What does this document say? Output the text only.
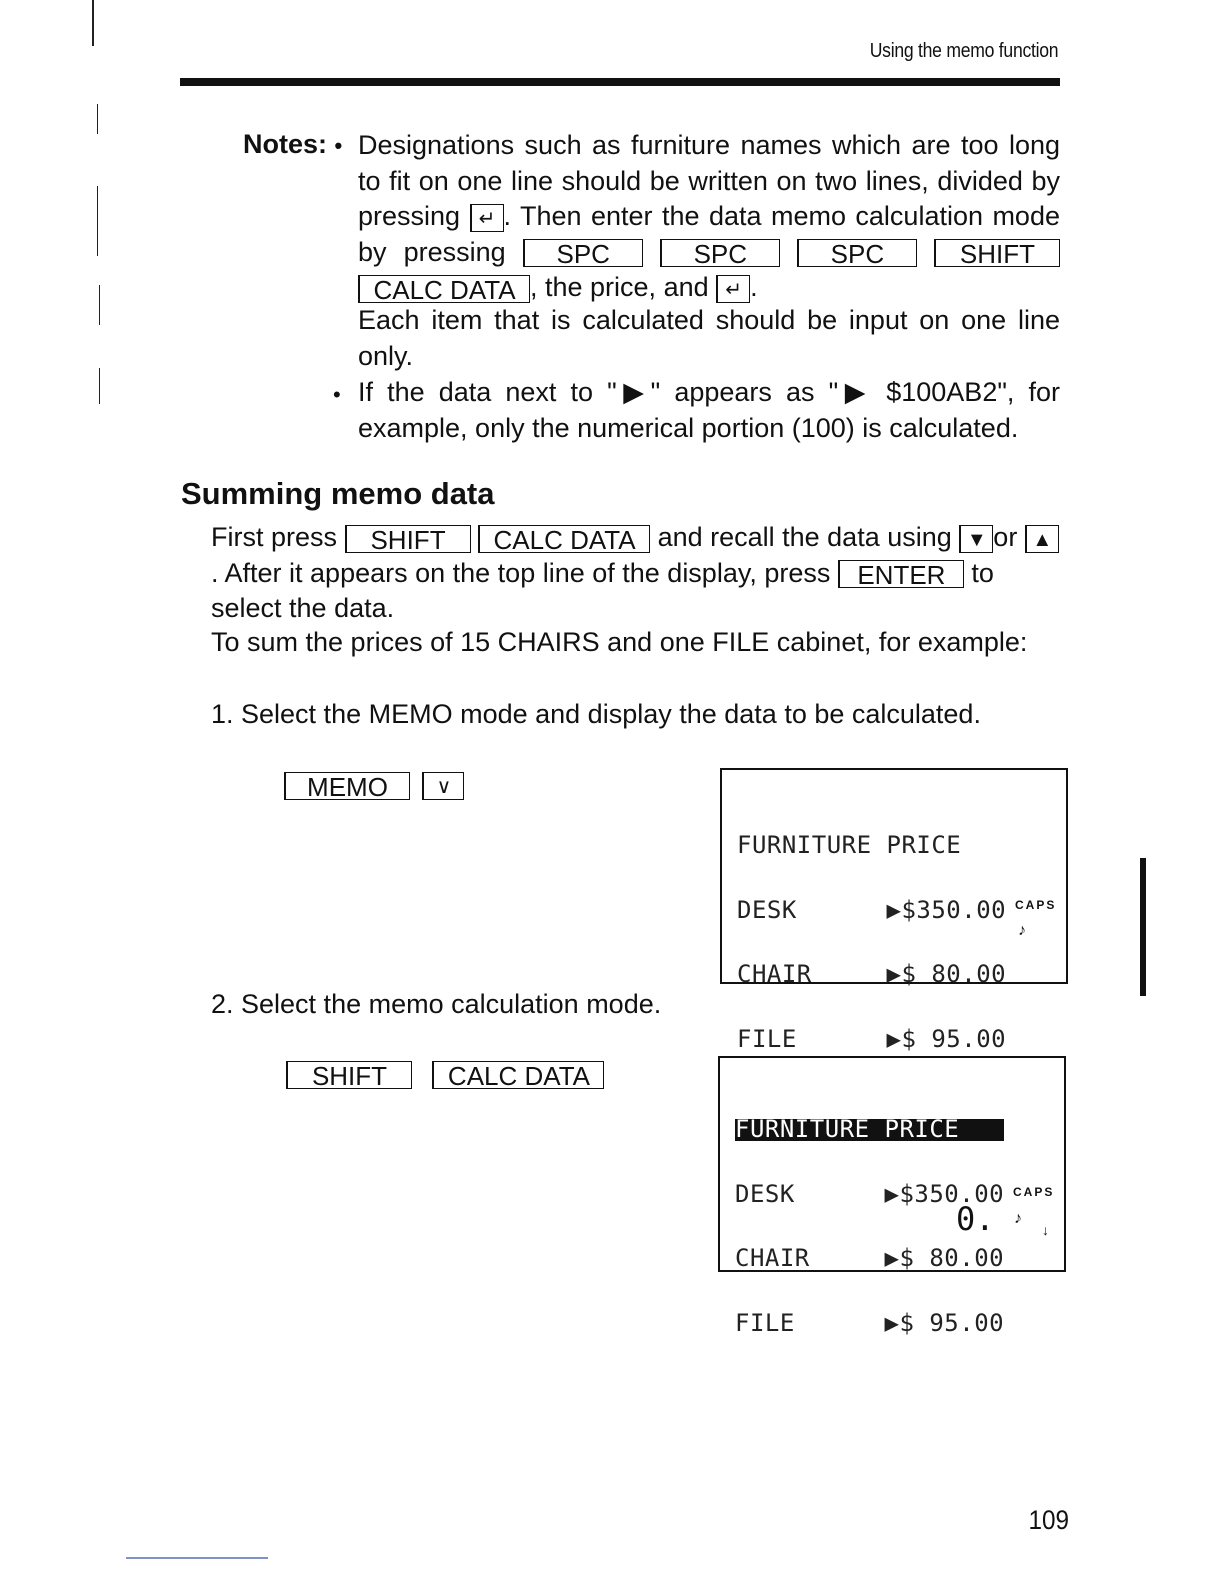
Using the memo function
Notes: • Designations such as furniture names which are too long to fit on one line should be written on two lines, divided by pressing ↵ . Then enter the data memo calculation mode by pressing SPC	SPC	SPC	SHIFT CALC DATA , the price, and ↵ .
Each item that is calculated should be input on one line only.
• If the data next to "▶" appears as "▶ $100AB2", for example, only the numerical portion (100) is calculated.
Summing memo data
First press SHIFT CALC DATA and recall the data using ▼ or ▲. After it appears on the top line of the display, press ENTER to select the data.
To sum the prices of 15 CHAIRS and one FILE cabinet, for example:
1. Select the MEMO mode and display the data to be calculated.
MEMO ∨

FURNITURE PRICE

DESK      ▶$350.00

CHAIR     ▶$ 80.00

FILE      ▶$ 95.00

CAPS
♪
2. Select the memo calculation mode.
SHIFT CALC DATA

FURNITURE PRICE

DESK      ▶$350.00

CHAIR     ▶$ 80.00

FILE      ▶$ 95.00

CAPS
0. ♪
↓
109
